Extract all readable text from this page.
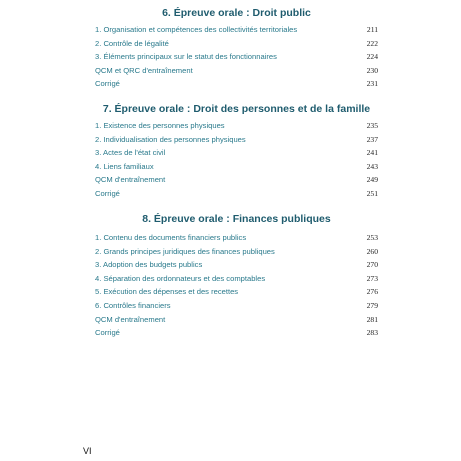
6. Épreuve orale : Droit public
1. Organisation et compétences des collectivités territoriales	211
2. Contrôle de légalité	222
3. Éléments principaux sur le statut des fonctionnaires	224
QCM et QRC d'entraînement	230
Corrigé	231
7. Épreuve orale : Droit des personnes et de la famille
1. Existence des personnes physiques	235
2. Individualisation des personnes physiques	237
3. Actes de l'état civil	241
4. Liens familiaux	243
QCM d'entraînement	249
Corrigé	251
8. Épreuve orale : Finances publiques
1. Contenu des documents financiers publics	253
2. Grands principes juridiques des finances publiques	260
3. Adoption des budgets publics	270
4. Séparation des ordonnateurs et des comptables	273
5. Exécution des dépenses et des recettes	276
6. Contrôles financiers	279
QCM d'entraînement	281
Corrigé	283
VI
